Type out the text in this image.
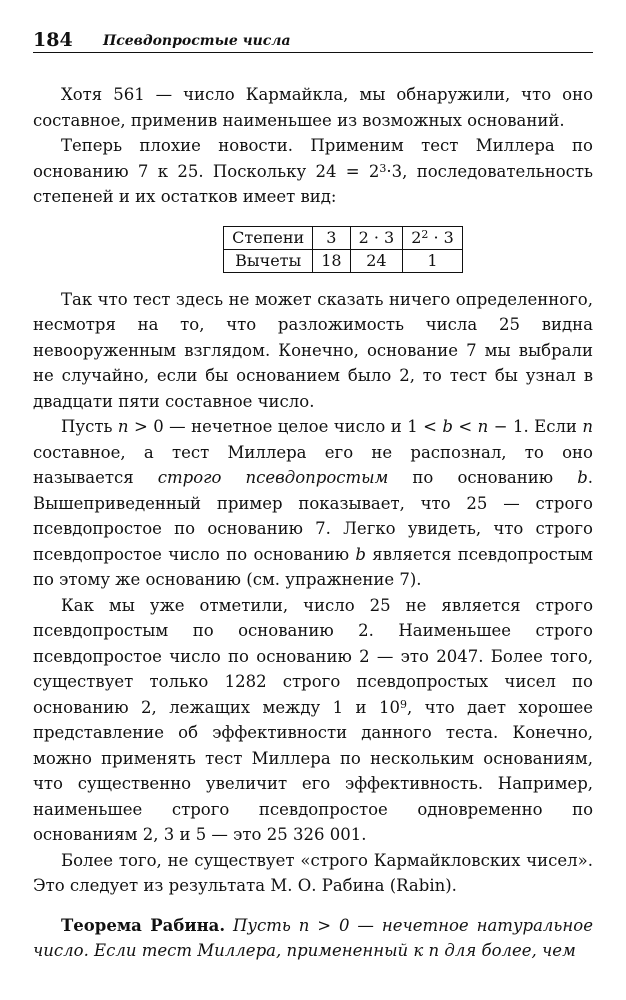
184 Псевдопростые числа

Хотя 561 — число Кармайкла, мы обнаружили, что оно составное, применив наименьшее из возможных оснований.

Теперь плохие новости. Применим тест Миллера по основанию 7 к 25. Поскольку $24 = 2^3\cdot 3$, последовательность степеней и их остатков имеет вид:

Степени	3	2 · 3	$2^2 \cdot 3$
Вычеты	18	24	1

Так что тест здесь не может сказать ничего определенного, несмотря на то, что разложимость числа 25 видна невооруженным взглядом. Конечно, основание 7 мы выбрали не случайно, если бы основанием было 2, то тест бы узнал в двадцати пяти составное число.

Пусть n > 0 — нечетное целое число и 1 < b < n − 1. Если n составное, а тест Миллера его не распознал, то оно называется строго псевдопростым по основанию b. Вышеприведенный пример показывает, что 25 — строго псевдопростое по основанию 7. Легко увидеть, что строго псевдопростое число по основанию b является псевдопростым по этому же основанию (см. упражнение 7).

Как мы уже отметили, число 25 не является строго псевдопростым по основанию 2. Наименьшее строго псевдопростое число по основанию 2 — это 2047. Более того, существует только 1282 строго псевдопростых чисел по основанию 2, лежащих между 1 и $10^9$, что дает хорошее представление об эффективности данного теста. Конечно, можно применять тест Миллера по нескольким основаниям, что существенно увеличит его эффективность. Например, наименьшее строго псевдопростое одновременно по основаниям 2, 3 и 5 — это 25 326 001.

Более того, не существует «строго Кармайкловских чисел». Это следует из результата М. О. Рабина (Rabin).

Теорема Рабина. Пусть n > 0 — нечетное натуральное число. Если тест Миллера, примененный к n для более, чем
